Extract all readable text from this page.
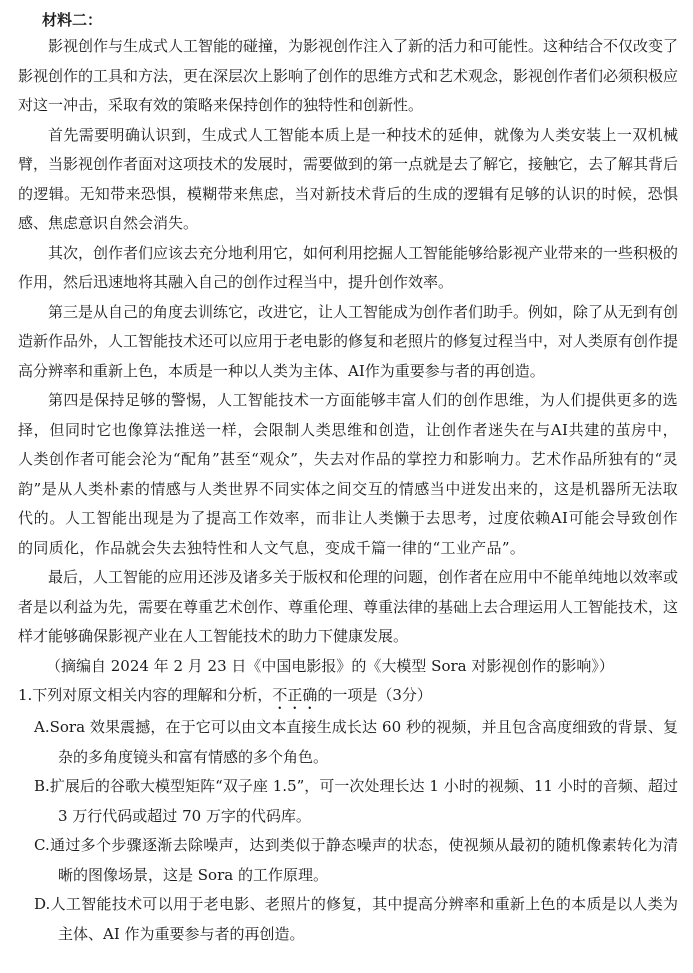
材料二：

影视创作与生成式人工智能的碰撞，为影视创作注入了新的活力和可能性。这种结合不仅改变了影视创作的工具和方法，更在深层次上影响了创作的思维方式和艺术观念，影视创作者们必须积极应对这一冲击，采取有效的策略来保持创作的独特性和创新性。

首先需要明确认识到，生成式人工智能本质上是一种技术的延伸，就像为人类安装上一双机械臂，当影视创作者面对这项技术的发展时，需要做到的第一点就是去了解它，接触它，去了解其背后的逻辑。无知带来恐惧，模糊带来焦虑，当对新技术背后的生成的逻辑有足够的认识的时候，恐惧感、焦虑意识自然会消失。

其次，创作者们应该去充分地利用它，如何利用挖掘人工智能能够给影视产业带来的一些积极的作用，然后迅速地将其融入自己的创作过程当中，提升创作效率。

第三是从自己的角度去训练它，改进它，让人工智能成为创作者们助手。例如，除了从无到有创造新作品外，人工智能技术还可以应用于老电影的修复和老照片的修复过程当中，对人类原有创作提高分辨率和重新上色，本质是一种以人类为主体、AI作为重要参与者的再创造。

第四是保持足够的警惕，人工智能技术一方面能够丰富人们的创作思维，为人们提供更多的选择，但同时它也像算法推送一样，会限制人类思维和创造，让创作者迷失在与AI共建的茧房中，人类创作者可能会沦为“配角”甚至“观众”，失去对作品的掌控力和影响力。艺术作品所独有的“灵韵”是从人类朴素的情感与人类世界不同实体之间交互的情感当中迸发出来的，这是机器所无法取代的。人工智能出现是为了提高工作效率，而非让人类懒于去思考，过度依赖AI可能会导致创作的同质化，作品就会失去独特性和人文气息，变成千篇一律的“工业产品”。

最后，人工智能的应用还涉及诸多关于版权和伦理的问题，创作者在应用中不能单纯地以效率或者是以利益为先，需要在尊重艺术创作、尊重伦理、尊重法律的基础上去合理运用人工智能技术，这样才能够确保影视产业在人工智能技术的助力下健康发展。

（摘编自 2024 年 2 月 23 日《中国电影报》的《大模型 Sora 对影视创作的影响》）

1.下列对原文相关内容的理解和分析，不正确的一项是（3分）

A.Sora 效果震撼，在于它可以由文本直接生成长达 60 秒的视频，并且包含高度细致的背景、复杂的多角度镜头和富有情感的多个角色。

B.扩展后的谷歌大模型矩阵“双子座 1.5”，可一次处理长达 1 小时的视频、11 小时的音频、超过 3 万行代码或超过 70 万字的代码库。

C.通过多个步骤逐渐去除噪声，达到类似于静态噪声的状态，使视频从最初的随机像素转化为清晰的图像场景，这是 Sora 的工作原理。

D.人工智能技术可以用于老电影、老照片的修复，其中提高分辨率和重新上色的本质是以人类为主体、AI 作为重要参与者的再创造。
